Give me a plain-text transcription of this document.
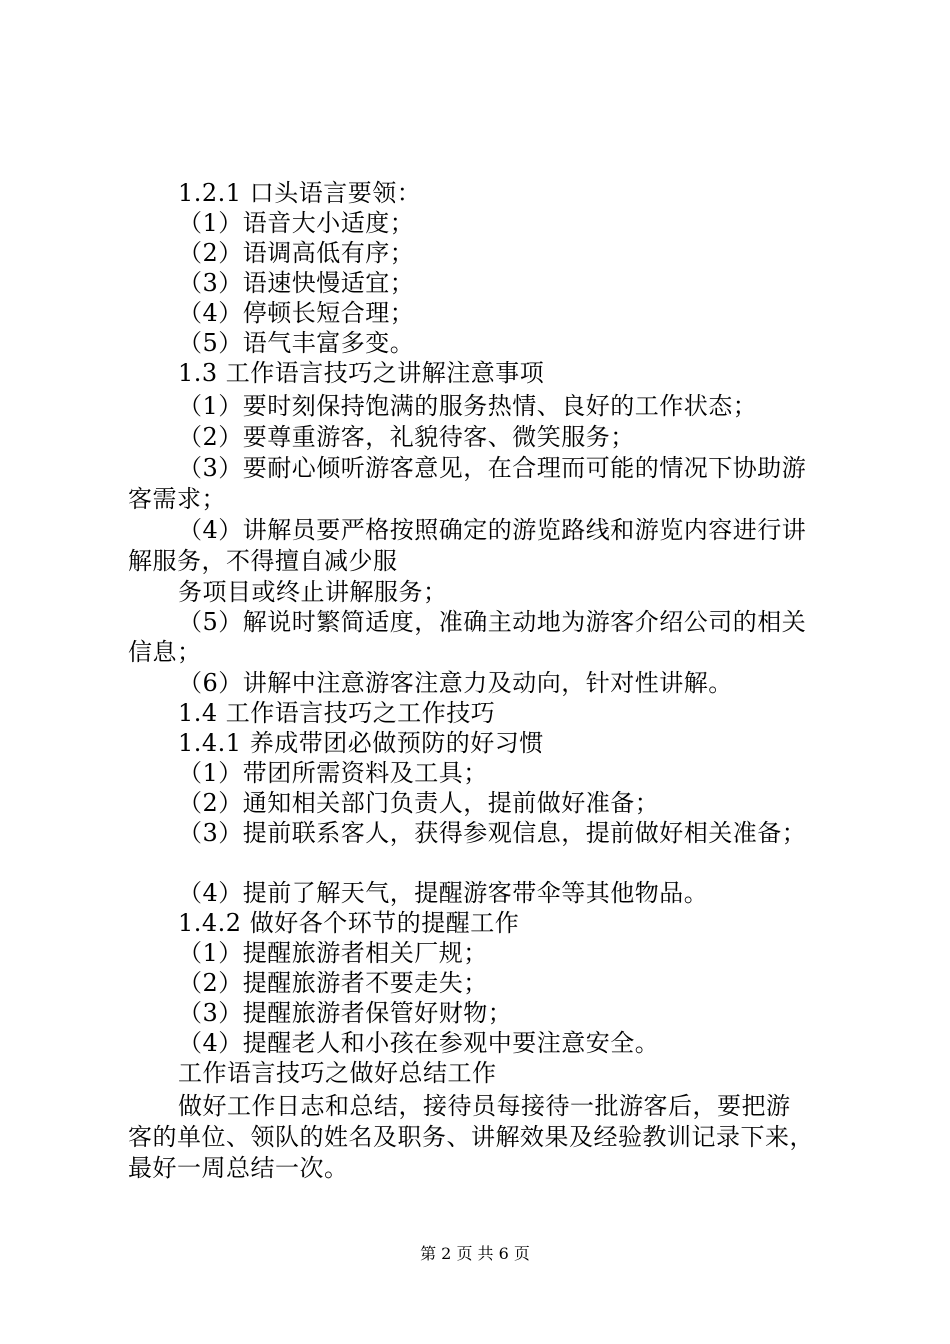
1.2.1 口头语言要领：
（1）语音大小适度；
（2）语调高低有序；
（3）语速快慢适宜；
（4）停顿长短合理；
（5）语气丰富多变。
1.3 工作语言技巧之讲解注意事项
（1）要时刻保持饱满的服务热情、良好的工作状态；
（2）要尊重游客，礼貌待客、微笑服务；
（3）要耐心倾听游客意见，在合理而可能的情况下协助游
客需求；
（4）讲解员要严格按照确定的游览路线和游览内容进行讲
解服务，不得擅自减少服
务项目或终止讲解服务；
（5）解说时繁简适度，准确主动地为游客介绍公司的相关
信息；
（6）讲解中注意游客注意力及动向，针对性讲解。
1.4 工作语言技巧之工作技巧
1.4.1 养成带团必做预防的好习惯
（1）带团所需资料及工具；
（2）通知相关部门负责人，提前做好准备；
（3）提前联系客人，获得参观信息，提前做好相关准备；
（4）提前了解天气，提醒游客带伞等其他物品。
1.4.2 做好各个环节的提醒工作
（1）提醒旅游者相关厂规；
（2）提醒旅游者不要走失；
（3）提醒旅游者保管好财物；
（4）提醒老人和小孩在参观中要注意安全。
工作语言技巧之做好总结工作
做好工作日志和总结，接待员每接待一批游客后，要把游
客的单位、领队的姓名及职务、讲解效果及经验教训记录下来，
最好一周总结一次。
第 2 页 共 6 页
